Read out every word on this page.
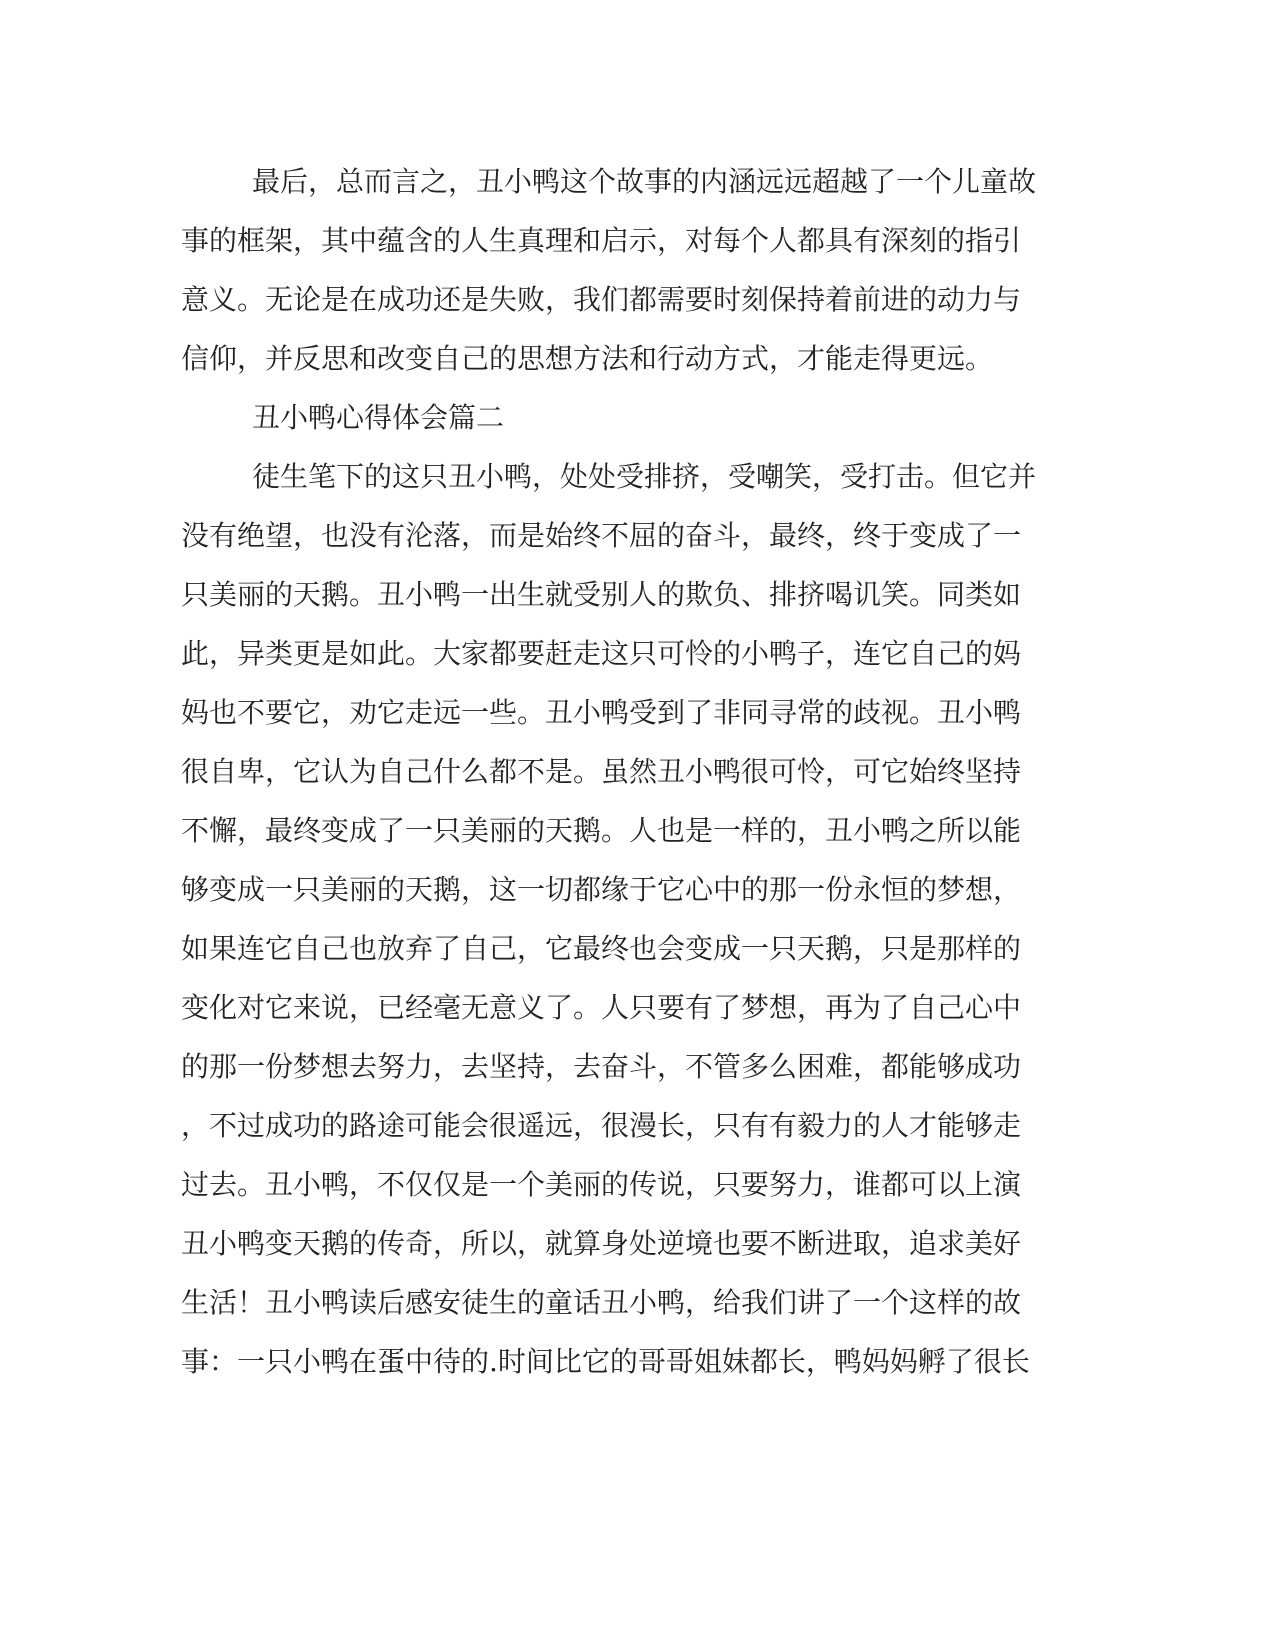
最后，总而言之，丑小鸭这个故事的内涵远远超越了一个儿童故
事的框架，其中蕴含的人生真理和启示，对每个人都具有深刻的指引
意义。无论是在成功还是失败，我们都需要时刻保持着前进的动力与
信仰，并反思和改变自己的思想方法和行动方式，才能走得更远。
丑小鸭心得体会篇二
徒生笔下的这只丑小鸭，处处受排挤，受嘲笑，受打击。但它并
没有绝望，也没有沦落，而是始终不屈的奋斗，最终，终于变成了一
只美丽的天鹅。丑小鸭一出生就受别人的欺负、排挤喝讥笑。同类如
此，异类更是如此。大家都要赶走这只可怜的小鸭子，连它自己的妈
妈也不要它，劝它走远一些。丑小鸭受到了非同寻常的歧视。丑小鸭
很自卑，它认为自己什么都不是。虽然丑小鸭很可怜，可它始终坚持
不懈，最终变成了一只美丽的天鹅。人也是一样的，丑小鸭之所以能
够变成一只美丽的天鹅，这一切都缘于它心中的那一份永恒的梦想，
如果连它自己也放弃了自己，它最终也会变成一只天鹅，只是那样的
变化对它来说，已经毫无意义了。人只要有了梦想，再为了自己心中
的那一份梦想去努力，去坚持，去奋斗，不管多么困难，都能够成功
，不过成功的路途可能会很遥远，很漫长，只有有毅力的人才能够走
过去。丑小鸭，不仅仅是一个美丽的传说，只要努力，谁都可以上演
丑小鸭变天鹅的传奇，所以，就算身处逆境也要不断进取，追求美好
生活！丑小鸭读后感安徒生的童话丑小鸭，给我们讲了一个这样的故
事：一只小鸭在蛋中待的.时间比它的哥哥姐妹都长，鸭妈妈孵了很长
